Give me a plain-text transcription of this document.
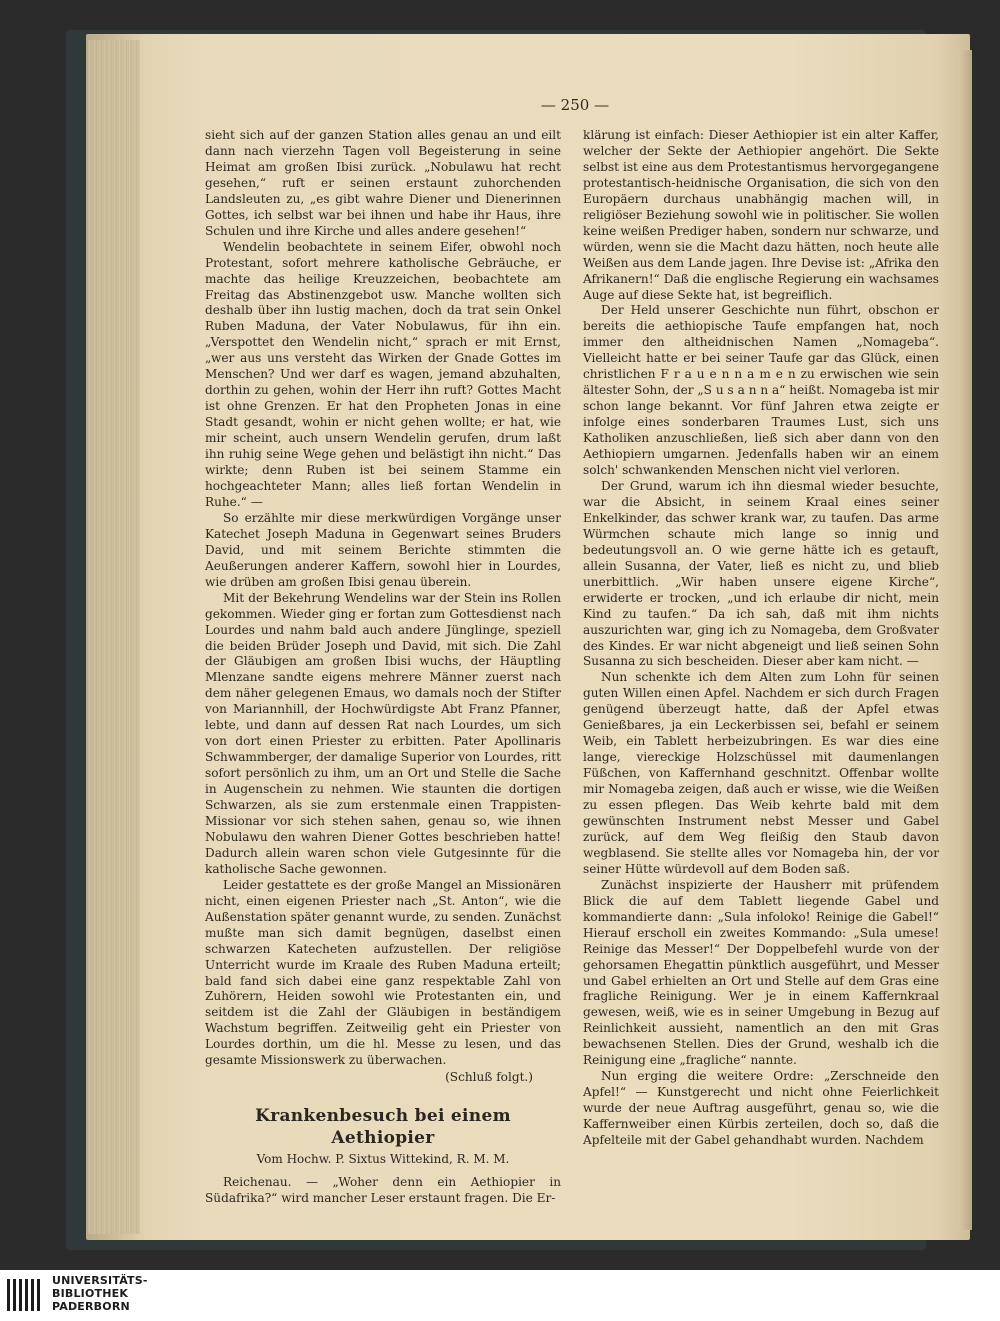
— 250 —

sieht sich auf der ganzen Station alles genau an und eilt dann nach vierzehn Tagen voll Begeisterung in seine Heimat am großen Ibisi zurück. „Nobulawu hat recht gesehen,“ ruft er seinen erstaunt zuhorchenden Landsleuten zu, „es gibt wahre Diener und Dienerinnen Gottes, ich selbst war bei ihnen und habe ihr Haus, ihre Schulen und ihre Kirche und alles andere gesehen!“

Wendelin beobachtete in seinem Eifer, obwohl noch Protestant, sofort mehrere katholische Gebräuche, er machte das heilige Kreuzzeichen, beobachtete am Freitag das Abstinenzgebot usw. Manche wollten sich deshalb über ihn lustig machen, doch da trat sein Onkel Ruben Maduna, der Vater Nobulawus, für ihn ein. „Verspottet den Wendelin nicht,“ sprach er mit Ernst, „wer aus uns versteht das Wirken der Gnade Gottes im Menschen? Und wer darf es wagen, jemand abzuhalten, dorthin zu gehen, wohin der Herr ihn ruft? Gottes Macht ist ohne Grenzen. Er hat den Propheten Jonas in eine Stadt gesandt, wohin er nicht gehen wollte; er hat, wie mir scheint, auch unsern Wendelin gerufen, drum laßt ihn ruhig seine Wege gehen und belästigt ihn nicht.“ Das wirkte; denn Ruben ist bei seinem Stamme ein hochgeachteter Mann; alles ließ fortan Wendelin in Ruhe.“ —

So erzählte mir diese merkwürdigen Vorgänge unser Katechet Joseph Maduna in Gegenwart seines Bruders David, und mit seinem Berichte stimmten die Aeußerungen anderer Kaffern, sowohl hier in Lourdes, wie drüben am großen Ibisi genau überein.

Mit der Bekehrung Wendelins war der Stein ins Rollen gekommen. Wieder ging er fortan zum Gottesdienst nach Lourdes und nahm bald auch andere Jünglinge, speziell die beiden Brüder Joseph und David, mit sich. Die Zahl der Gläubigen am großen Ibisi wuchs, der Häuptling Mlenzane sandte eigens mehrere Männer zuerst nach dem näher gelegenen Emaus, wo damals noch der Stifter von Mariannhill, der Hochwürdigste Abt Franz Pfanner, lebte, und dann auf dessen Rat nach Lourdes, um sich von dort einen Priester zu erbitten. Pater Apollinaris Schwammberger, der damalige Superior von Lourdes, ritt sofort persönlich zu ihm, um an Ort und Stelle die Sache in Augenschein zu nehmen. Wie staunten die dortigen Schwarzen, als sie zum erstenmale einen Trappisten-Missionar vor sich stehen sahen, genau so, wie ihnen Nobulawu den wahren Diener Gottes beschrieben hatte! Dadurch allein waren schon viele Gutgesinnte für die katholische Sache gewonnen.

Leider gestattete es der große Mangel an Missionären nicht, einen eigenen Priester nach „St. Anton“, wie die Außenstation später genannt wurde, zu senden. Zunächst mußte man sich damit begnügen, daselbst einen schwarzen Katecheten aufzustellen. Der religiöse Unterricht wurde im Kraale des Ruben Maduna erteilt; bald fand sich dabei eine ganz respektable Zahl von Zuhörern, Heiden sowohl wie Protestanten ein, und seitdem ist die Zahl der Gläubigen in beständigem Wachstum begriffen. Zeitweilig geht ein Priester von Lourdes dorthin, um die hl. Messe zu lesen, und das gesamte Missionswerk zu überwachen.

(Schluß folgt.)

Krankenbesuch bei einem Aethiopier

Vom Hochw. P. Sixtus Wittekind, R. M. M.

Reichenau. — „Woher denn ein Aethiopier in Südafrika?“ wird mancher Leser erstaunt fragen. Die Er-

klärung ist einfach: Dieser Aethiopier ist ein alter Kaffer, welcher der Sekte der Aethiopier angehört. Die Sekte selbst ist eine aus dem Protestantismus hervorgegangene protestantisch-heidnische Organisation, die sich von den Europäern durchaus unabhängig machen will, in religiöser Beziehung sowohl wie in politischer. Sie wollen keine weißen Prediger haben, sondern nur schwarze, und würden, wenn sie die Macht dazu hätten, noch heute alle Weißen aus dem Lande jagen. Ihre Devise ist: „Afrika den Afrikanern!“ Daß die englische Regierung ein wachsames Auge auf diese Sekte hat, ist begreiflich.

Der Held unserer Geschichte nun führt, obschon er bereits die aethiopische Taufe empfangen hat, noch immer den altheidnischen Namen „Nomageba“. Vielleicht hatte er bei seiner Taufe gar das Glück, einen christlichen F r a u e n n a m e n zu erwischen wie sein ältester Sohn, der „S u s a n n a“ heißt. Nomageba ist mir schon lange bekannt. Vor fünf Jahren etwa zeigte er infolge eines sonderbaren Traumes Lust, sich uns Katholiken anzuschließen, ließ sich aber dann von den Aethiopiern umgarnen. Jedenfalls haben wir an einem solch' schwankenden Menschen nicht viel verloren.

Der Grund, warum ich ihn diesmal wieder besuchte, war die Absicht, in seinem Kraal eines seiner Enkelkinder, das schwer krank war, zu taufen. Das arme Würmchen schaute mich lange so innig und bedeutungsvoll an. O wie gerne hätte ich es getauft, allein Susanna, der Vater, ließ es nicht zu, und blieb unerbittlich. „Wir haben unsere eigene Kirche“, erwiderte er trocken, „und ich erlaube dir nicht, mein Kind zu taufen.“ Da ich sah, daß mit ihm nichts auszurichten war, ging ich zu Nomageba, dem Großvater des Kindes. Er war nicht abgeneigt und ließ seinen Sohn Susanna zu sich bescheiden. Dieser aber kam nicht. —

Nun schenkte ich dem Alten zum Lohn für seinen guten Willen einen Apfel. Nachdem er sich durch Fragen genügend überzeugt hatte, daß der Apfel etwas Genießbares, ja ein Leckerbissen sei, befahl er seinem Weib, ein Tablett herbeizubringen. Es war dies eine lange, viereckige Holzschüssel mit daumenlangen Füßchen, von Kaffernhand geschnitzt. Offenbar wollte mir Nomageba zeigen, daß auch er wisse, wie die Weißen zu essen pflegen. Das Weib kehrte bald mit dem gewünschten Instrument nebst Messer und Gabel zurück, auf dem Weg fleißig den Staub davon wegblasend. Sie stellte alles vor Nomageba hin, der vor seiner Hütte würdevoll auf dem Boden saß.

Zunächst inspizierte der Hausherr mit prüfendem Blick die auf dem Tablett liegende Gabel und kommandierte dann: „Sula infoloko! Reinige die Gabel!“ Hierauf erscholl ein zweites Kommando: „Sula umese! Reinige das Messer!“ Der Doppelbefehl wurde von der gehorsamen Ehegattin pünktlich ausgeführt, und Messer und Gabel erhielten an Ort und Stelle auf dem Gras eine fragliche Reinigung. Wer je in einem Kaffernkraal gewesen, weiß, wie es in seiner Umgebung in Bezug auf Reinlichkeit aussieht, namentlich an den mit Gras bewachsenen Stellen. Dies der Grund, weshalb ich die Reinigung eine „fragliche“ nannte.

Nun erging die weitere Ordre: „Zerschneide den Apfel!“ — Kunstgerecht und nicht ohne Feierlichkeit wurde der neue Auftrag ausgeführt, genau so, wie die Kaffernweiber einen Kürbis zerteilen, doch so, daß die Apfelteile mit der Gabel gehandhabt wurden. Nachdem

UNIVERSITÄTS-
BIBLIOTHEK
PADERBORN
